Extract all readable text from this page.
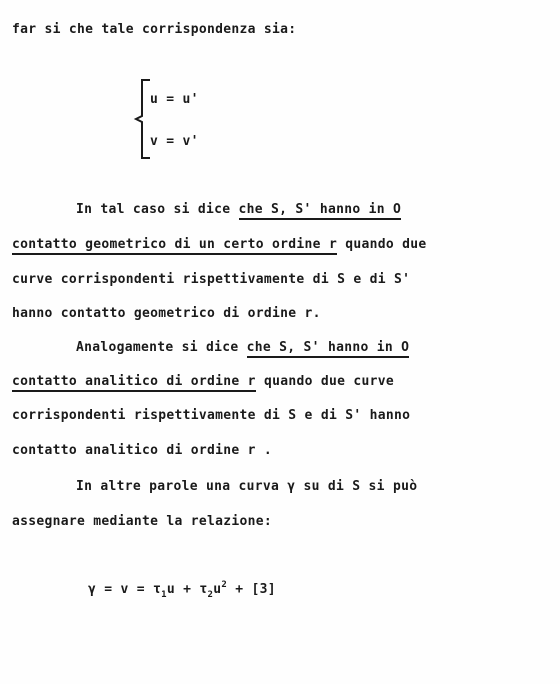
far si che tale corrispondenza sia:
u = u'
v = v'
In tal caso si dice che S, S' hanno in O
contatto geometrico di un certo ordine r quando due
curve corrispondenti rispettivamente di S e di S'
hanno contatto geometrico di ordine r.
Analogamente si dice che S, S' hanno in O
contatto analitico di ordine r quando due curve
corrispondenti rispettivamente di S e di S' hanno
contatto analitico di ordine r .
In altre parole una curva γ su di S si può
assegnare mediante la relazione:
$\gamma = v = \tau_1u + \tau_2u^2 + [3]$
